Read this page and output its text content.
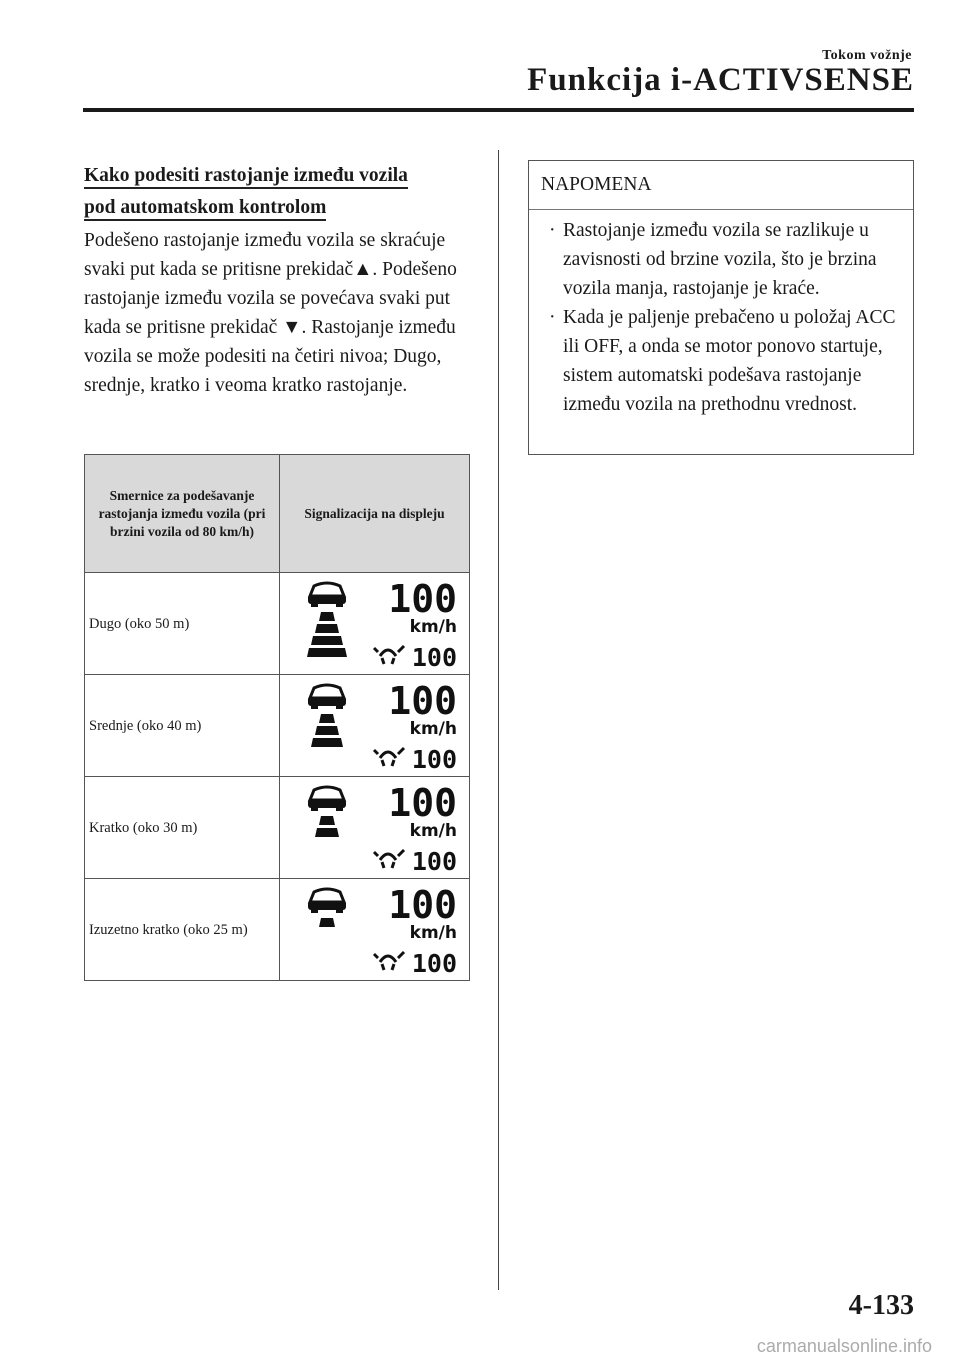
Tokom vožnje
Funkcija i-ACTIVSENSE
Kako podesiti rastojanje između vozila
pod automatskom kontrolom
Podešeno rastojanje između vozila se skraćuje svaki put kada se pritisne prekidač▲. Podešeno rastojanje između vozila se povećava svaki put kada se pritisne prekidač ▼. Rastojanje između vozila se može podesiti na četiri nivoa; Dugo, srednje, kratko i veoma kratko rastojanje.
Smernice za podešavanje rastojanja između vozila (pri brzini vozila od 80 km/h)	Signalizacija na displeju
Dugo (oko 50 m)	100
km/h
100

Srednje (oko 40 m)	100
km/h
100

Kratko (oko 30 m)	100
km/h
100

Izuzetno kratko (oko 25 m)	100
km/h
100
NAPOMENA
· Rastojanje između vozila se razlikuje u zavisnosti od brzine vozila, što je brzina vozila manja, rastojanje je kraće.
· Kada je paljenje prebačeno u položaj ACC ili OFF, a onda se motor ponovo startuje, sistem automatski podešava rastojanje između vozila na prethodnu vrednost.
4-133
carmanualsonline.info
